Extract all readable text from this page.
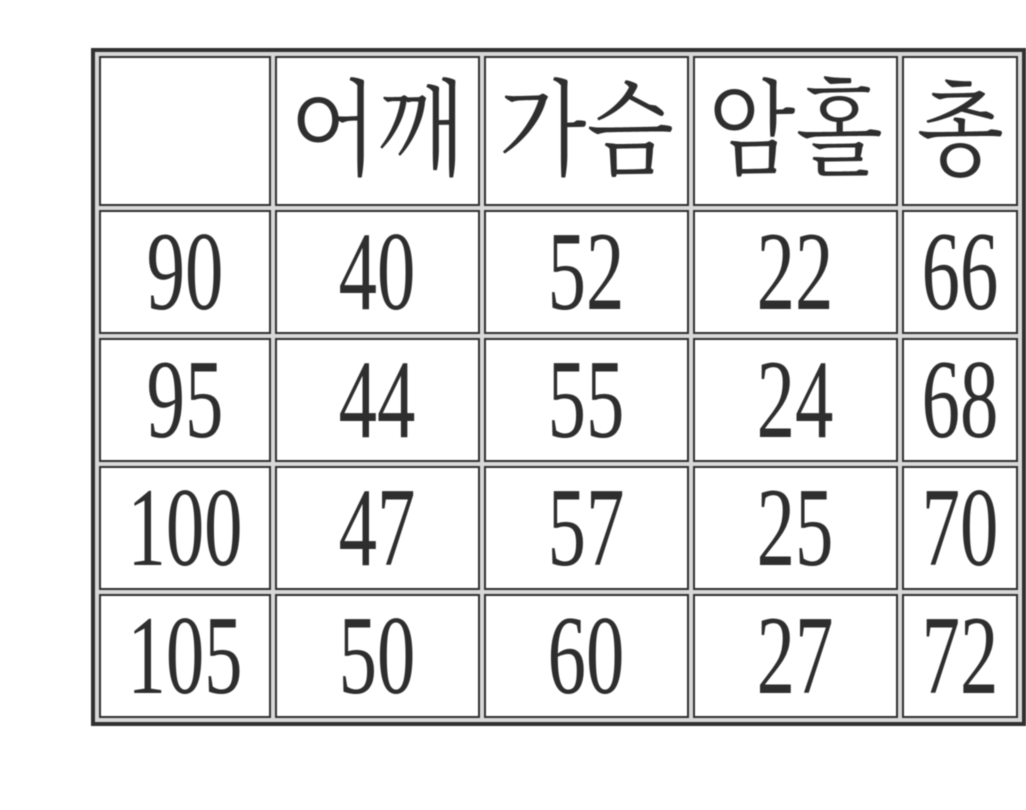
	어깨	가슴	암홀	총
90	40	52	22	66
95	44	55	24	68
100	47	57	25	70
105	50	60	27	72
